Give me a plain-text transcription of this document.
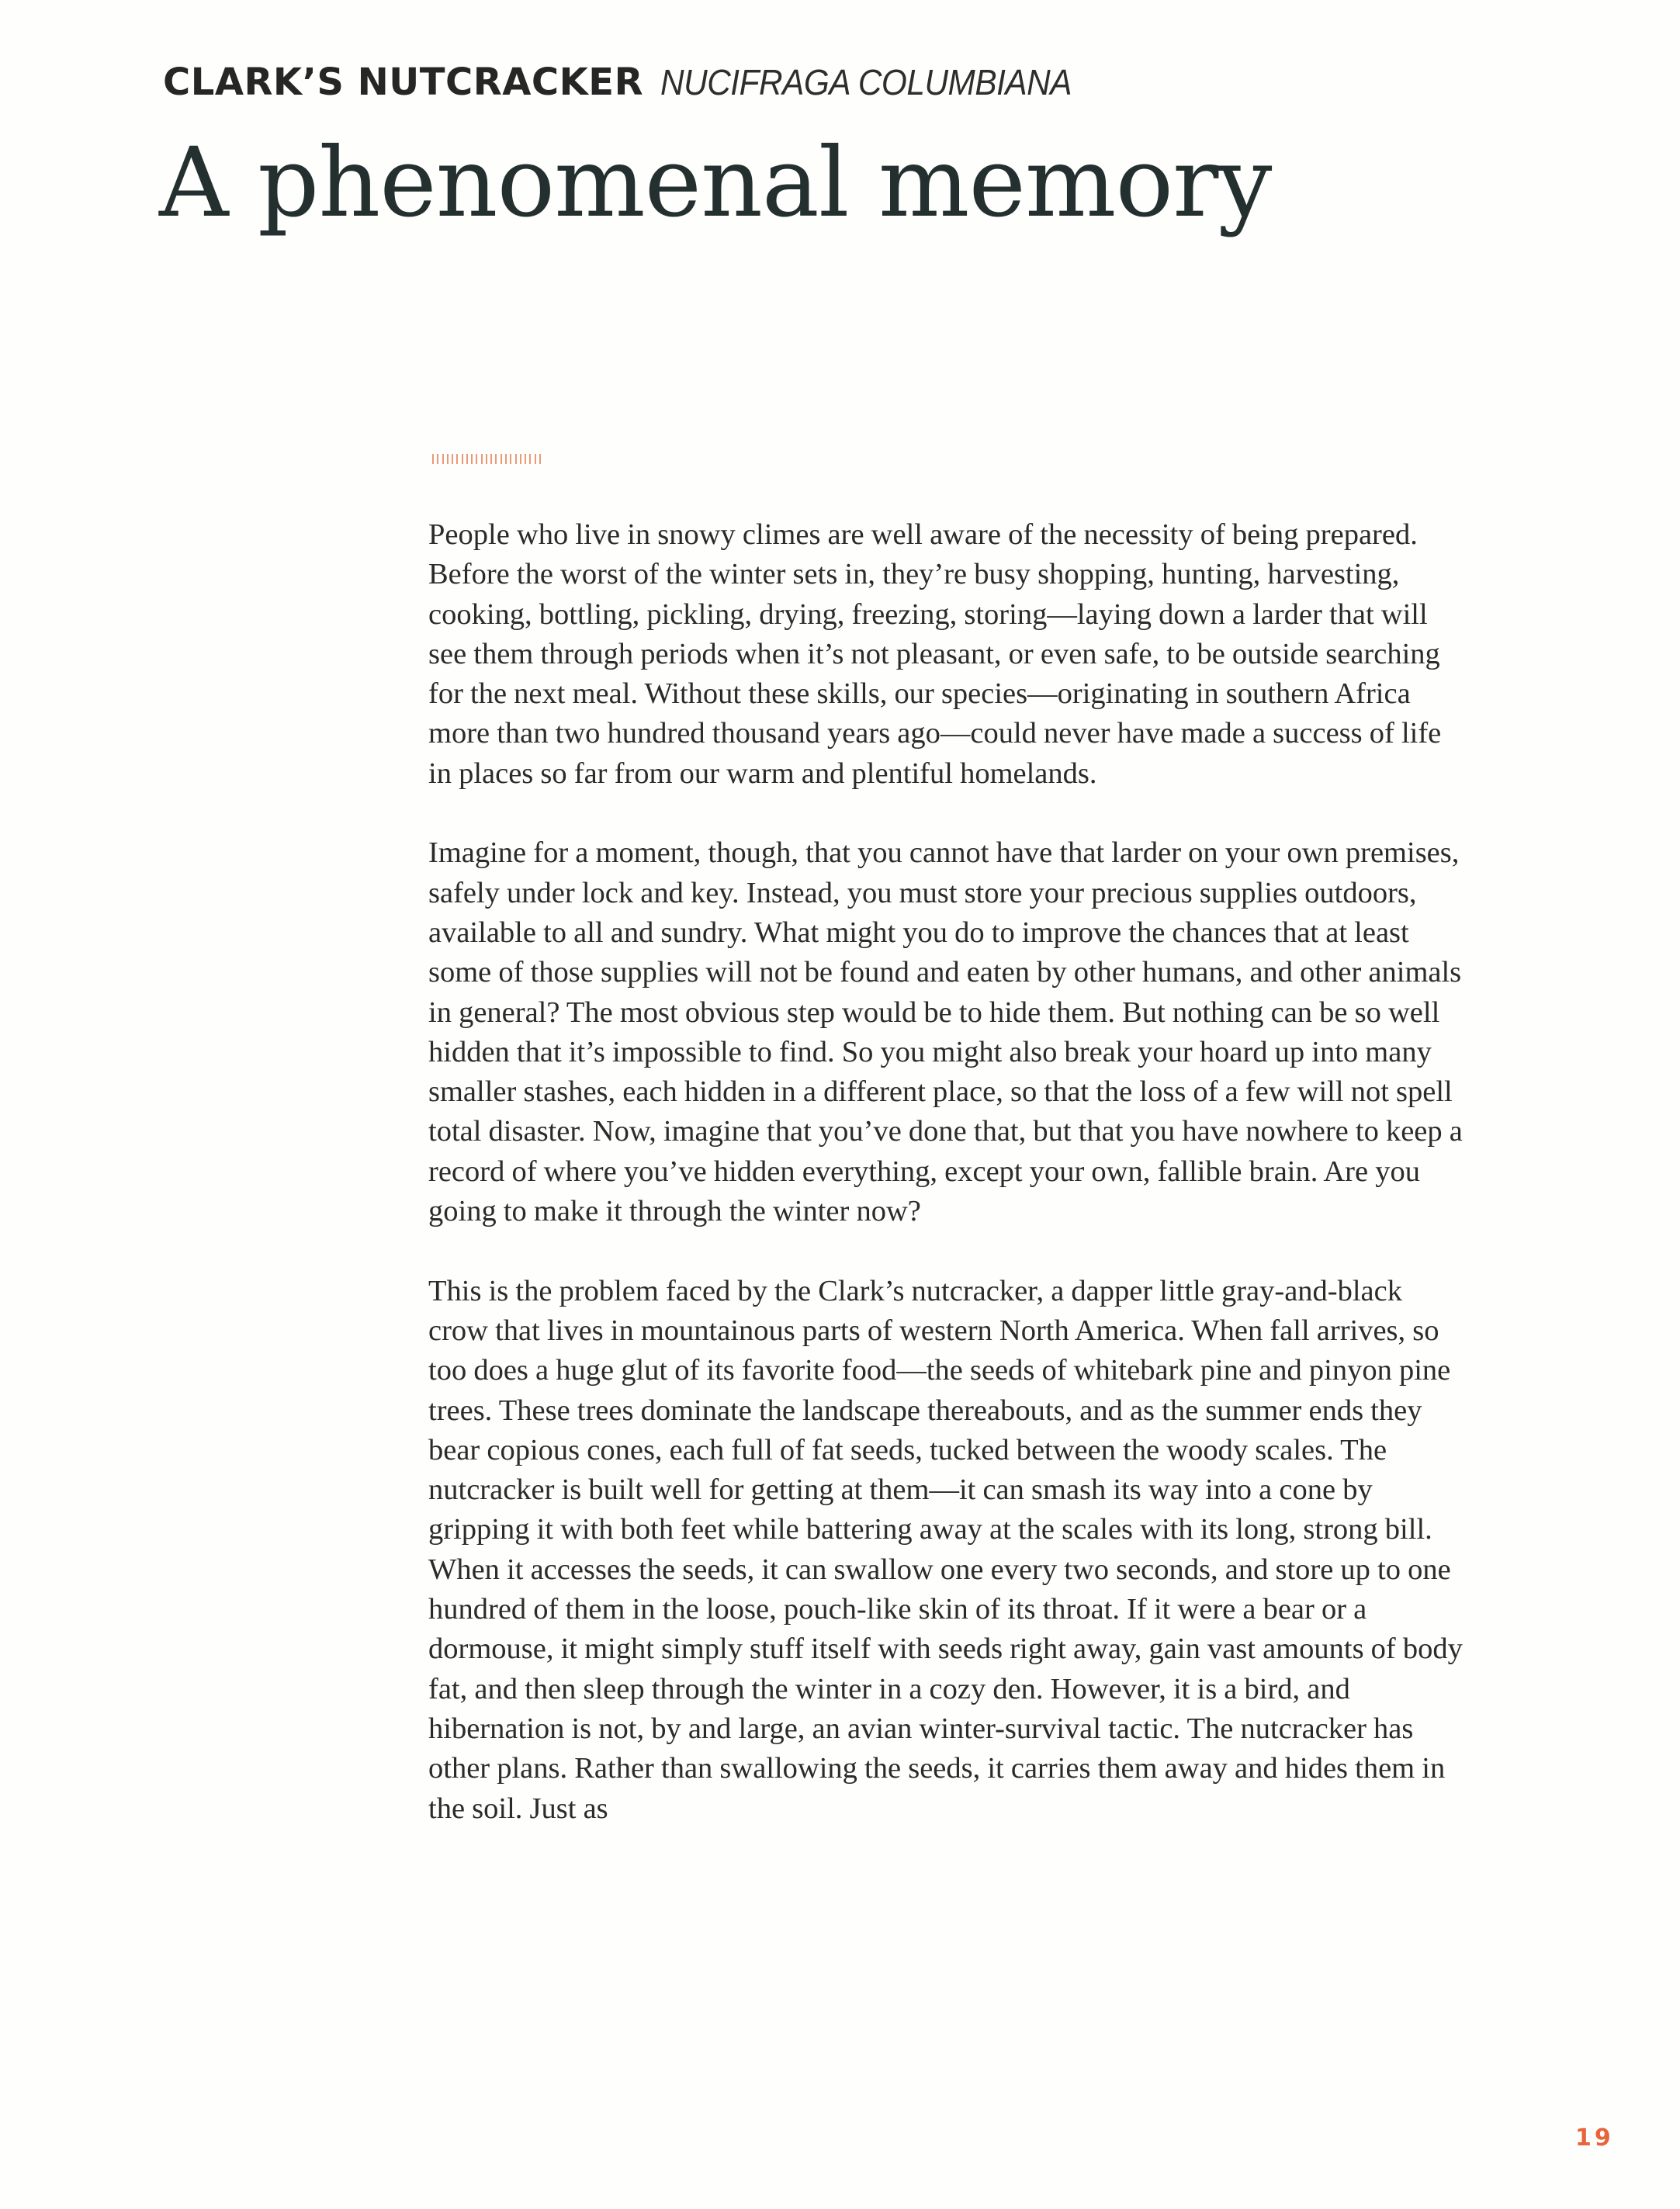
CLARK’S NUTCRACKER NUCIFRAGA COLUMBIANA
A phenomenal memory

People who live in snowy climes are well aware of the necessity of being prepared. Before the worst of the winter sets in, they’re busy shopping, hunting, harvesting, cooking, bottling, pickling, drying, freezing, storing—laying down a larder that will see them through periods when it’s not pleasant, or even safe, to be outside searching for the next meal. Without these skills, our species—originating in southern Africa more than two hundred thousand years ago—could never have made a success of life in places so far from our warm and plentiful homelands.

Imagine for a moment, though, that you cannot have that larder on your own premises, safely under lock and key. Instead, you must store your precious supplies outdoors, available to all and sundry. What might you do to improve the chances that at least some of those supplies will not be found and eaten by other humans, and other animals in general? The most obvious step would be to hide them. But nothing can be so well hidden that it’s impossible to find. So you might also break your hoard up into many smaller stashes, each hidden in a different place, so that the loss of a few will not spell total disaster. Now, imagine that you’ve done that, but that you have nowhere to keep a record of where you’ve hidden everything, except your own, fallible brain. Are you going to make it through the winter now?

This is the problem faced by the Clark’s nutcracker, a dapper little gray-and-black crow that lives in mountainous parts of western North America. When fall arrives, so too does a huge glut of its favorite food—the seeds of whitebark pine and pinyon pine trees. These trees dominate the landscape thereabouts, and as the summer ends they bear copious cones, each full of fat seeds, tucked between the woody scales. The nutcracker is built well for getting at them—it can smash its way into a cone by gripping it with both feet while battering away at the scales with its long, strong bill. When it accesses the seeds, it can swallow one every two seconds, and store up to one hundred of them in the loose, pouch-like skin of its throat. If it were a bear or a dormouse, it might simply stuff itself with seeds right away, gain vast amounts of body fat, and then sleep through the winter in a cozy den. However, it is a bird, and hibernation is not, by and large, an avian winter-survival tactic. The nutcracker has other plans. Rather than swallowing the seeds, it carries them away and hides them in the soil. Just as

19
